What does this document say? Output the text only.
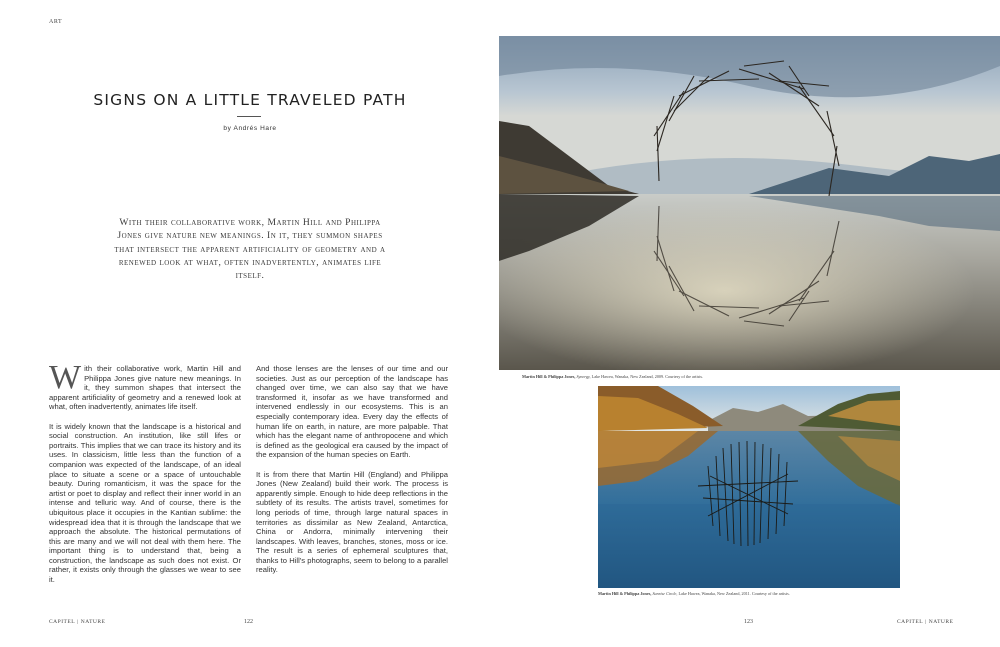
ART
SIGNS ON A LITTLE TRAVELED PATH
by Andrés Hare

With their collaborative work, Martin Hill and Philippa Jones give nature new meanings. In it, they summon shapes that intersect the apparent artificiality of geometry and a renewed look at what, often inadvertently, animates life itself.

With their collaborative work, Martin Hill and Philippa Jones give nature new meanings. In it, they summon shapes that intersect the apparent artificiality of geometry and a renewed look at what, often inadvertently, animates life itself.

It is widely known that the landscape is a historical and social construction. An institution, like still lifes or portraits. This implies that we can trace its history and its uses. In classicism, little less than the function of a companion was expected of the landscape, of an ideal place to situate a scene or a space of untouchable beauty. During romanticism, it was the space for the artist or poet to display and reflect their inner world in an intense and telluric way. And of course, there is the ubiquitous place it occupies in the Kantian sublime: the widespread idea that it is through the landscape that we approach the absolute. The historical permutations of this are many and we will not deal with them here. The important thing is to understand that, being a construction, the landscape as such does not exist. Or rather, it exists only through the glasses we wear to see it.

And those lenses are the lenses of our time and our societies. Just as our perception of the landscape has changed over time, we can also say that we have transformed it, insofar as we have transformed and intervened endlessly in our ecosystems. This is an especially contemporary idea. Every day the effects of human life on earth, in nature, are more palpable. That which has the elegant name of anthropocene and which is defined as the geological era caused by the impact of the expansion of the human species on Earth.

It is from there that Martin Hill (England) and Philippa Jones (New Zealand) build their work. The process is apparently simple. Enough to hide deep reflections in the subtlety of its results. The artists travel, sometimes for long periods of time, through large natural spaces in territories as dissimilar as New Zealand, Antarctica, China or Andorra, minimally intervening their landscapes. With leaves, branches, stones, moss or ice. The result is a series of ephemeral sculptures that, thanks to Hill's photographs, seem to belong to a parallel reality.

Martin Hill & Philippa Jones, Synergy, Lake Hawea, Wanaka, New Zealand, 2009. Courtesy of the artists.
Martin Hill & Philippa Jones, Sunrise Circle, Lake Hawea, Wanaka, New Zealand, 2011. Courtesy of the artists.
CAPITEL | NATURE	122	123	CAPITEL | NATURE
